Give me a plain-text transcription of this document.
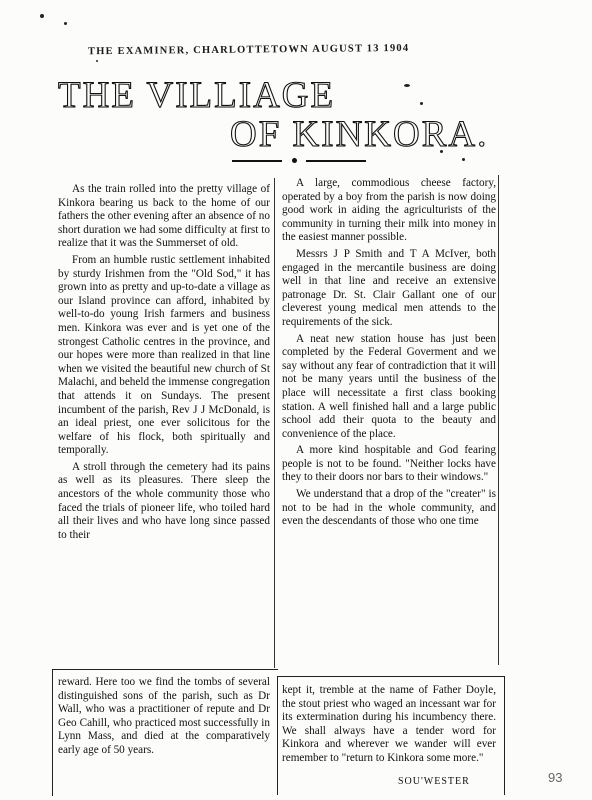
THE EXAMINER, CHARLOTTETOWN AUGUST 13 1904
THE VILLIAGE
OF KINKORA.

As the train rolled into the pretty village of Kinkora bearing us back to the home of our fathers the other evening after an absence of no short duration we had some difficulty at first to realize that it was the Summerset of old.

From an humble rustic settlement inhabited by sturdy Irishmen from the "Old Sod," it has grown into as pretty and up-to-date a village as our Island province can afford, inhabited by well-to-do young Irish farmers and business men. Kinkora was ever and is yet one of the strongest Catholic centres in the province, and our hopes were more than realized in that line when we visited the beautiful new church of St Malachi, and beheld the immense congregation that attends it on Sundays. The present incumbent of the parish, Rev J J McDonald, is an ideal priest, one ever solicitous for the welfare of his flock, both spiritually and temporally.

A stroll through the cemetery had its pains as well as its pleasures. There sleep the ancestors of the whole community those who faced the trials of pioneer life, who toiled hard all their lives and who have long since passed to their

A large, commodious cheese factory, operated by a boy from the parish is now doing good work in aiding the agriculturists of the community in turning their milk into money in the easiest manner possible.

Messrs J P Smith and T A McIver, both engaged in the mercantile business are doing well in that line and receive an extensive patronage Dr. St. Clair Gallant one of our cleverest young medical men attends to the requirements of the sick.

A neat new station house has just been completed by the Federal Goverment and we say without any fear of contradiction that it will not be many years until the business of the place will necessitate a first class booking station. A well finished hall and a large public school add their quota to the beauty and convenience of the place.

A more kind hospitable and God fearing people is not to be found. "Neither locks have they to their doors nor bars to their windows."

We understand that a drop of the "creater" is not to be had in the whole community, and even the descendants of those who one time

reward. Here too we find the tombs of several distinguished sons of the parish, such as Dr Wall, who was a practitioner of repute and Dr Geo Cahill, who practiced most successfully in Lynn Mass, and died at the comparatively early age of 50 years.

kept it, tremble at the name of Father Doyle, the stout priest who waged an incessant war for its extermination during his incumbency there. We shall always have a tender word for Kinkora and wherever we wander will ever remember to "return to Kinkora some more."

SOU'WESTER	93
